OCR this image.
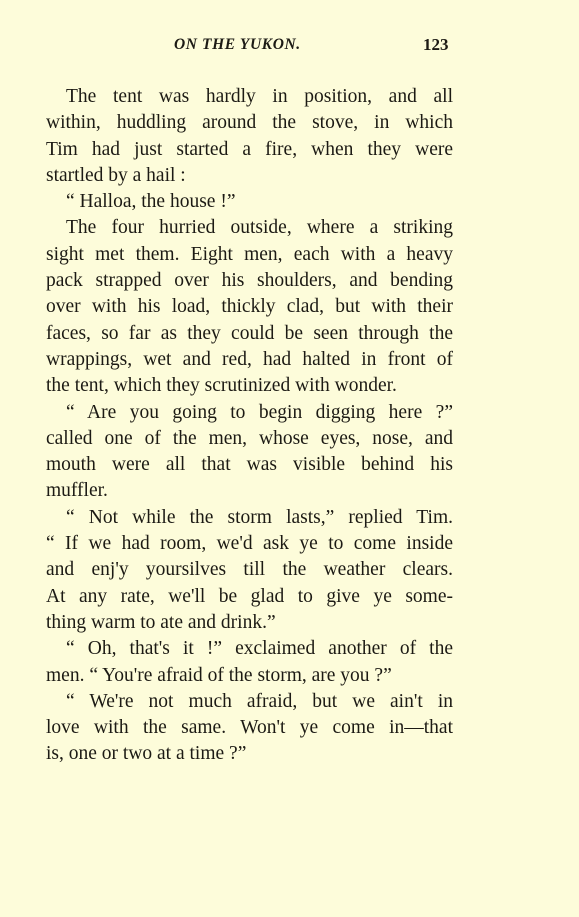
ON THE YUKON.	123
The tent was hardly in position, and all
within, huddling around the stove, in which
Tim had just started a fire, when they were
startled by a hail :
“ Halloa, the house !”
The four hurried outside, where a striking
sight met them. Eight men, each with a heavy
pack strapped over his shoulders, and bending
over with his load, thickly clad, but with their
faces, so far as they could be seen through the
wrappings, wet and red, had halted in front of
the tent, which they scrutinized with wonder.
“ Are you going to begin digging here ?”
called one of the men, whose eyes, nose, and
mouth were all that was visible behind his
muffler.
“ Not while the storm lasts,” replied Tim.
“ If we had room, we'd ask ye to come inside
and enj'y yoursilves till the weather clears.
At any rate, we'll be glad to give ye some-
thing warm to ate and drink.”
“ Oh, that's it !” exclaimed another of the
men. “ You're afraid of the storm, are you ?”
“ We're not much afraid, but we ain't in
love with the same. Won't ye come in—that
is, one or two at a time ?”
